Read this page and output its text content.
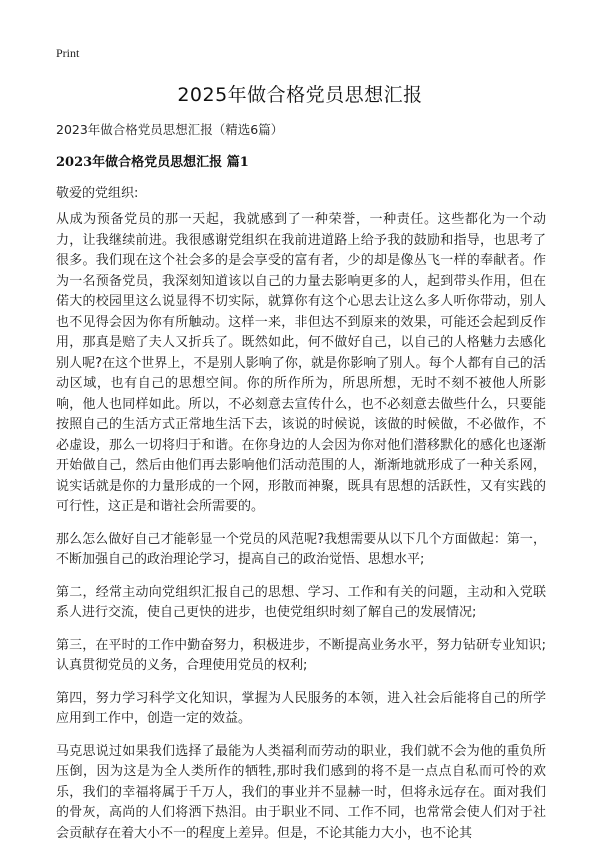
Print
2025年做合格党员思想汇报
2023年做合格党员思想汇报（精选6篇）
2023年做合格党员思想汇报 篇1
敬爱的党组织:

从成为预备党员的那一天起，我就感到了一种荣誉，一种责任。这些都化为一个动力，让我继续前进。我很感谢党组织在我前进道路上给予我的鼓励和指导，也思考了很多。我们现在这个社会多的是会享受的富有者，少的却是像丛飞一样的奉献者。作为一名预备党员，我深刻知道该以自己的力量去影响更多的人，起到带头作用，但在偌大的校园里这么说显得不切实际，就算你有这个心思去让这么多人听你带动，别人也不见得会因为你有所触动。这样一来，非但达不到原来的效果，可能还会起到反作用，那真是赔了夫人又折兵了。既然如此，何不做好自己，以自己的人格魅力去感化别人呢?在这个世界上，不是别人影响了你，就是你影响了别人。每个人都有自己的活动区域，也有自己的思想空间。你的所作所为，所思所想，无时不刻不被他人所影响，他人也同样如此。所以，不必刻意去宣传什么，也不必刻意去做些什么，只要能按照自己的生活方式正常地生活下去，该说的时候说，该做的时候做，不必做作，不必虚设，那么一切将归于和谐。在你身边的人会因为你对他们潜移默化的感化也逐渐开始做自己，然后由他们再去影响他们活动范围的人，渐渐地就形成了一种关系网，说实话就是你的力量形成的一个网，形散而神聚，既具有思想的活跃性，又有实践的可行性，这正是和谐社会所需要的。

那么怎么做好自己才能彰显一个党员的风范呢?我想需要从以下几个方面做起：第一，不断加强自己的政治理论学习，提高自己的政治觉悟、思想水平;

第二，经常主动向党组织汇报自己的思想、学习、工作和有关的问题，主动和入党联系人进行交流，使自己更快的进步，也使党组织时刻了解自己的发展情况;

第三，在平时的工作中勤奋努力，积极进步，不断提高业务水平，努力钻研专业知识;认真贯彻党员的义务，合理使用党员的权利;

第四，努力学习科学文化知识，掌握为人民服务的本领，进入社会后能将自己的所学应用到工作中，创造一定的效益。

马克思说过如果我们选择了最能为人类福利而劳动的职业，我们就不会为他的重负所压倒，因为这是为全人类所作的牺牲,那时我们感到的将不是一点点自私而可怜的欢乐，我们的幸福将属于千万人，我们的事业并不显赫一时，但将永远存在。面对我们的骨灰，高尚的人们将洒下热泪。由于职业不同、工作不同，也常常会使人们对于社会贡献存在着大小不一的程度上差异。但是，不论其能力大小，也不论其
